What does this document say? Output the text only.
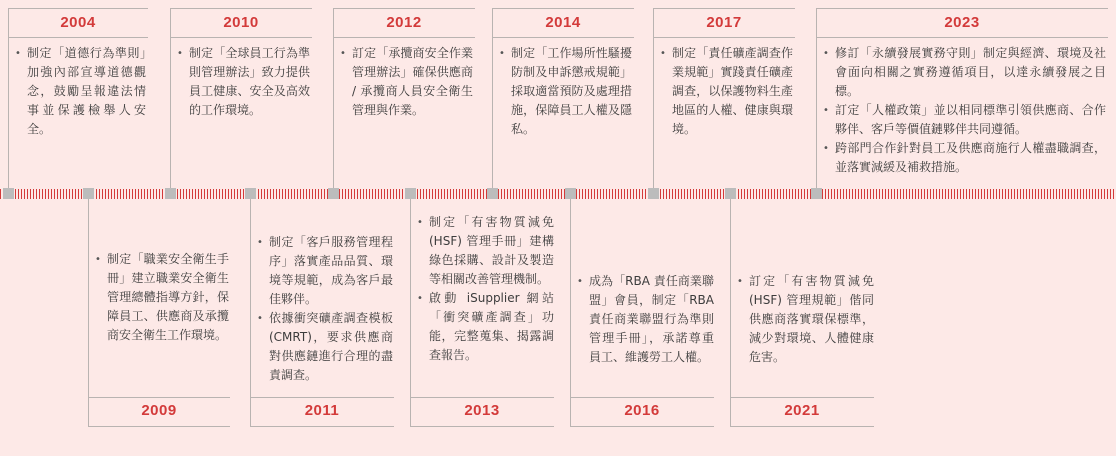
2004
• 制定「道德行為準則」加強內部宣導道德觀念，鼓勵呈報違法情事並保護檢舉人安全。
2010
• 制定「全球員工行為準則管理辦法」致力提供員工健康、安全及高效的工作環境。
2012
• 訂定「承攬商安全作業管理辦法」確保供應商 / 承攬商人員安全衛生管理與作業。
2014
• 制定「工作場所性騷擾防制及申訴懲戒規範」採取適當預防及處理措施，保障員工人權及隱私。
2017
• 制定「責任礦產調查作業規範」實踐責任礦產調查，以保護物料生產地區的人權、健康與環境。
2023
• 修訂「永續發展實務守則」制定與經濟、環境及社會面向相關之實務遵循項目，以達永續發展之目標。
• 訂定「人權政策」並以相同標準引領供應商、合作夥伴、客戶等價值鏈夥伴共同遵循。
• 跨部門合作針對員工及供應商施行人權盡職調查，並落實減緩及補救措施。
• 制定「職業安全衛生手冊」建立職業安全衛生管理總體指導方針，保障員工、供應商及承攬商安全衛生工作環境。
2009
• 制定「客戶服務管理程序」落實產品品質、環境等規範，成為客戶最佳夥伴。
• 依據衝突礦產調查模板 (CMRT)，要求供應商對供應鏈進行合理的盡責調查。
2011
• 制定「有害物質減免 (HSF) 管理手冊」建構綠色採購、設計及製造等相關改善管理機制。
• 啟動 iSupplier 網站「衝突礦產調查」功能，完整蒐集、揭露調查報告。
2013
• 成為「RBA 責任商業聯盟」會員，制定「RBA 責任商業聯盟行為準則管理手冊」，承諾尊重員工、維護勞工人權。
2016
• 訂定「有害物質減免 (HSF) 管理規範」偕同供應商落實環保標準，減少對環境、人體健康危害。
2021
